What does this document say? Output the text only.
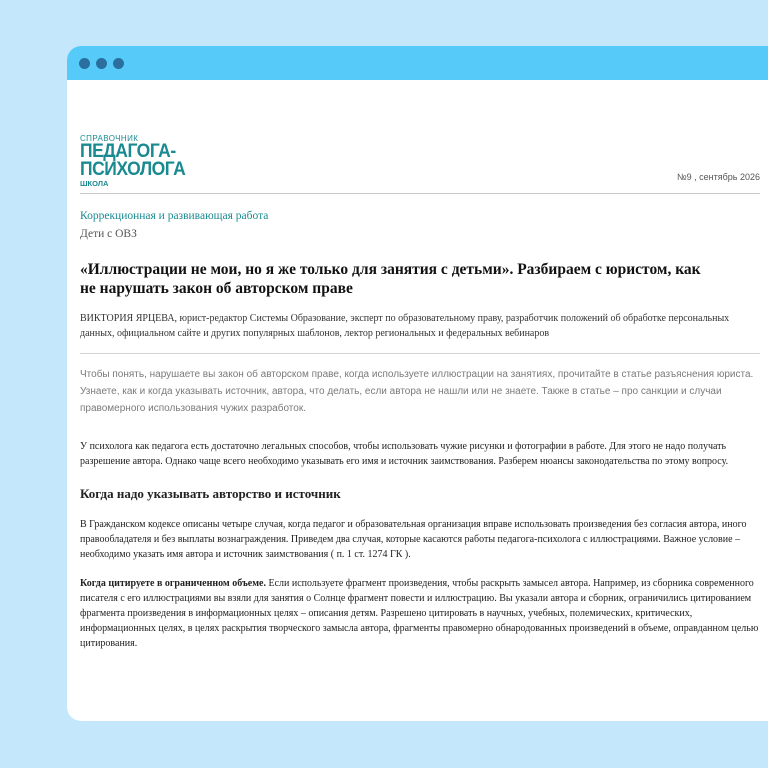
СПРАВОЧНИК
ПЕДАГОГА-
ПСИХОЛОГА
ШКОЛА
№9 , сентябрь 2026
Коррекционная и развивающая работа
Дети с ОВЗ
«Иллюстрации не мои, но я же только для занятия с детьми». Разбираем с юристом, как не нарушать закон об авторском праве
ВИКТОРИЯ ЯРЦЕВА, юрист-редактор Системы Образование, эксперт по образовательному праву, разработчик положений об обработке персональных данных, официальном сайте и других популярных шаблонов, лектор региональных и федеральных вебинаров
Чтобы понять, нарушаете вы закон об авторском праве, когда используете иллюстрации на занятиях, прочитайте в статье разъяснения юриста. Узнаете, как и когда указывать источник, автора, что делать, если автора не нашли или не знаете. Также в статье – про санкции и случаи правомерного использования чужих разработок.
У психолога как педагога есть достаточно легальных способов, чтобы использовать чужие рисунки и фотографии в работе. Для этого не надо получать разрешение автора. Однако чаще всего необходимо указывать его имя и источник заимствования. Разберем нюансы законодательства по этому вопросу.
Когда надо указывать авторство и источник
В Гражданском кодексе описаны четыре случая, когда педагог и образовательная организация вправе использовать произведения без согласия автора, иного правообладателя и без выплаты вознаграждения. Приведем два случая, которые касаются работы педагога-психолога с иллюстрациями. Важное условие – необходимо указать имя автора и источник заимствования ( п. 1 ст. 1274 ГК ).
Когда цитируете в ограниченном объеме. Если используете фрагмент произведения, чтобы раскрыть замысел автора. Например, из сборника современного писателя с его иллюстрациями вы взяли для занятия о Солнце фрагмент повести и иллюстрацию. Вы указали автора и сборник, ограничились цитированием фрагмента произведения в информационных целях – описания детям. Разрешено цитировать в научных, учебных, полемических, критических, информационных целях, в целях раскрытия творческого замысла автора, фрагменты правомерно обнародованных произведений в объеме, оправданном целью цитирования.
